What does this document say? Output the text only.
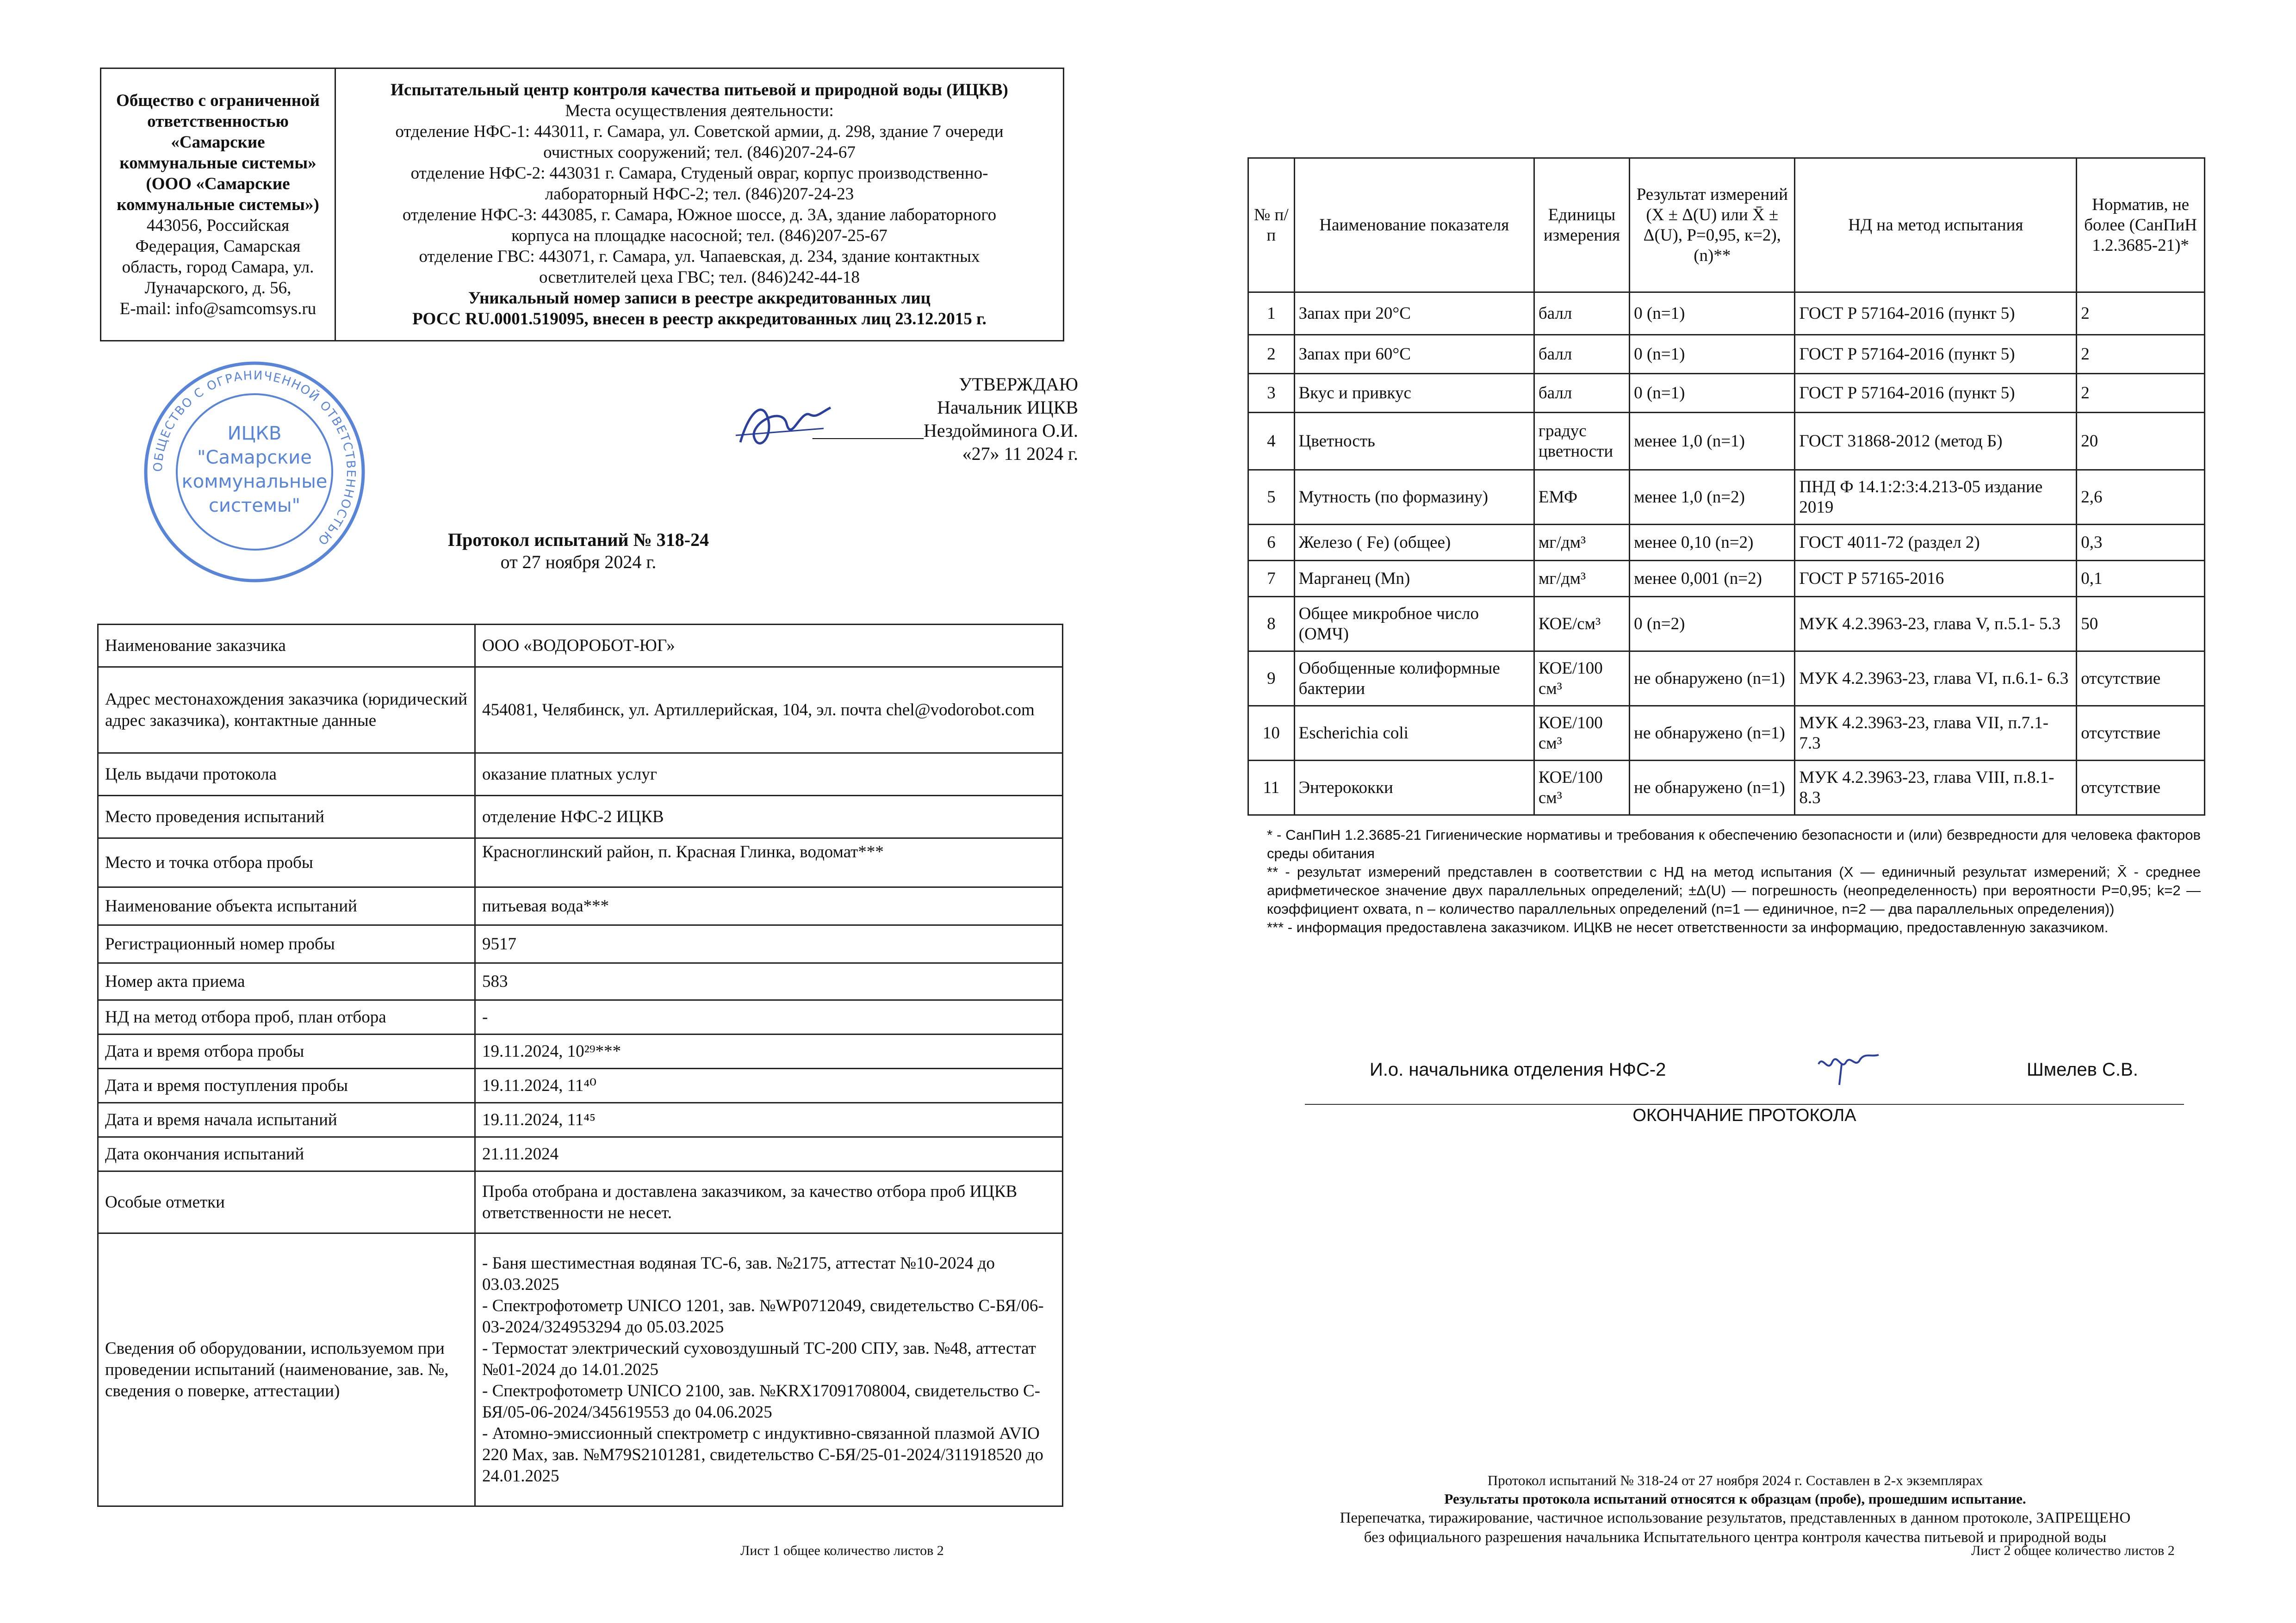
Общество с ограниченной
ответственностью
«Самарские
коммунальные системы»
(ООО «Самарские
коммунальные системы»)
443056, Российская
Федерация, Самарская
область, город Самара, ул.
Луначарского, д. 56,
E-mail: info@samcomsys.ru

Испытательный центр контроля качества питьевой и природной воды (ИЦКВ)
Места осуществления деятельности:
отделение НФС-1: 443011, г. Самара, ул. Советской армии, д. 298, здание 7 очереди
очистных сооружений; тел. (846)207-24-67
отделение НФС-2: 443031 г. Самара, Студеный овраг, корпус производственно-
лабораторный НФС-2; тел. (846)207-24-23
отделение НФС-3: 443085, г. Самара, Южное шоссе, д. 3А, здание лабораторного
корпуса на площадке насосной; тел. (846)207-25-67
отделение ГВС: 443071, г. Самара, ул. Чапаевская, д. 234, здание контактных
осветлителей цеха ГВС; тел. (846)242-44-18
Уникальный номер записи в реестре аккредитованных лиц
РОСС RU.0001.519095, внесен в реестр аккредитованных лиц 23.12.2015 г.
ОБЩЕСТВО С ОГРАНИЧЕННОЙ ОТВЕТСТВЕННОСТЬЮ
ИЦКВ
"Самарские
коммунальные
системы"
УТВЕРЖДАЮ
Начальник ИЦКВ
____________Нездойминога О.И.
«27» 11 2024 г.
Протокол испытаний № 318-24
от 27 ноября 2024 г.
Наименование заказчика	ООО «ВОДОРОБОТ-ЮГ»
Адрес местонахождения заказчика (юридический адрес заказчика), контактные данные	454081, Челябинск, ул. Артиллерийская, 104, эл. почта chel@vodorobot.com
Цель выдачи протокола	оказание платных услуг
Место проведения испытаний	отделение НФС-2 ИЦКВ
Место и точка отбора пробы	Красноглинский район, п. Красная Глинка, водомат***
Наименование объекта испытаний	питьевая вода***
Регистрационный номер пробы	9517
Номер акта приема	583
НД на метод отбора проб, план отбора	-
Дата и время отбора пробы	19.11.2024, 10²⁹***
Дата и время поступления пробы	19.11.2024, 11⁴⁰
Дата и время начала испытаний	19.11.2024, 11⁴⁵
Дата окончания испытаний	21.11.2024
Особые отметки	Проба отобрана и доставлена заказчиком, за качество отбора проб ИЦКВ ответственности не несет.
Сведения об оборудовании, используемом при проведении испытаний (наименование, зав. №, сведения о поверке, аттестации)	- Баня шестиместная водяная ТС-6, зав. №2175, аттестат №10-2024 до 03.03.2025
- Спектрофотометр UNICO 1201, зав. №WP0712049, свидетельство С-БЯ/06-03-2024/324953294 до 05.03.2025
- Термостат электрический суховоздушный ТС-200 СПУ, зав. №48, аттестат №01-2024 до 14.01.2025
- Спектрофотометр UNICO 2100, зав. №KRX17091708004, свидетельство С-БЯ/05-06-2024/345619553 до 04.06.2025
- Атомно-эмиссионный спектрометр с индуктивно-связанной плазмой AVIO 220 Max, зав. №M79S2101281, свидетельство С-БЯ/25-01-2024/311918520 до 24.01.2025
Лист 1 общее количество листов 2
№ п/п	Наименование показателя	Единицы измерения	Результат измерений (X ± Δ(U) или X̄ ± Δ(U), P=0,95, к=2), (n)**	НД на метод испытания	Норматив, не более (СанПиН 1.2.3685-21)*
1	Запах при 20°С	балл	0 (n=1)	ГОСТ Р 57164-2016 (пункт 5)	2
2	Запах при 60°С	балл	0 (n=1)	ГОСТ Р 57164-2016 (пункт 5)	2
3	Вкус и привкус	балл	0 (n=1)	ГОСТ Р 57164-2016 (пункт 5)	2
4	Цветность	градус цветности	менее 1,0 (n=1)	ГОСТ 31868-2012 (метод Б)	20
5	Мутность (по формазину)	ЕМФ	менее 1,0 (n=2)	ПНД Ф 14.1:2:3:4.213-05 издание 2019	2,6
6	Железо ( Fe) (общее)	мг/дм³	менее 0,10 (n=2)	ГОСТ 4011-72 (раздел 2)	0,3
7	Марганец (Mn)	мг/дм³	менее 0,001 (n=2)	ГОСТ Р 57165-2016	0,1
8	Общее микробное число (ОМЧ)	КОЕ/см³	0 (n=2)	МУК 4.2.3963-23, глава V, п.5.1- 5.3	50
9	Обобщенные колиформные бактерии	КОЕ/100 см³	не обнаружено (n=1)	МУК 4.2.3963-23, глава VI, п.6.1- 6.3	отсутствие
10	Escherichia coli	КОЕ/100 см³	не обнаружено (n=1)	МУК 4.2.3963-23, глава VII, п.7.1- 7.3	отсутствие
11	Энтерококки	КОЕ/100 см³	не обнаружено (n=1)	МУК 4.2.3963-23, глава VIII, п.8.1- 8.3	отсутствие

* - СанПиН 1.2.3685-21 Гигиенические нормативы и требования к обеспечению безопасности и (или) безвредности для человека факторов среды обитания

** - результат измерений представлен в соответствии с НД на метод испытания (X — единичный результат измерений; X̄ - среднее арифметическое значение двух параллельных определений; ±Δ(U) — погрешность (неопределенность) при вероятности P=0,95; k=2 — коэффициент охвата, n – количество параллельных определений (n=1 — единичное, n=2 — два параллельных определения))

*** - информация предоставлена заказчиком. ИЦКВ не несет ответственности за информацию, предоставленную заказчиком.

И.о. начальника отделения НФС-2	Шмелев С.В.
ОКОНЧАНИЕ ПРОТОКОЛА
Протокол испытаний № 318-24 от 27 ноября 2024 г. Составлен в 2-х экземплярах
Результаты протокола испытаний относятся к образцам (пробе), прошедшим испытание.
Перепечатка, тиражирование, частичное использование результатов, представленных в данном протоколе, ЗАПРЕЩЕНО
без официального разрешения начальника Испытательного центра контроля качества питьевой и природной воды
Лист 2 общее количество листов 2
